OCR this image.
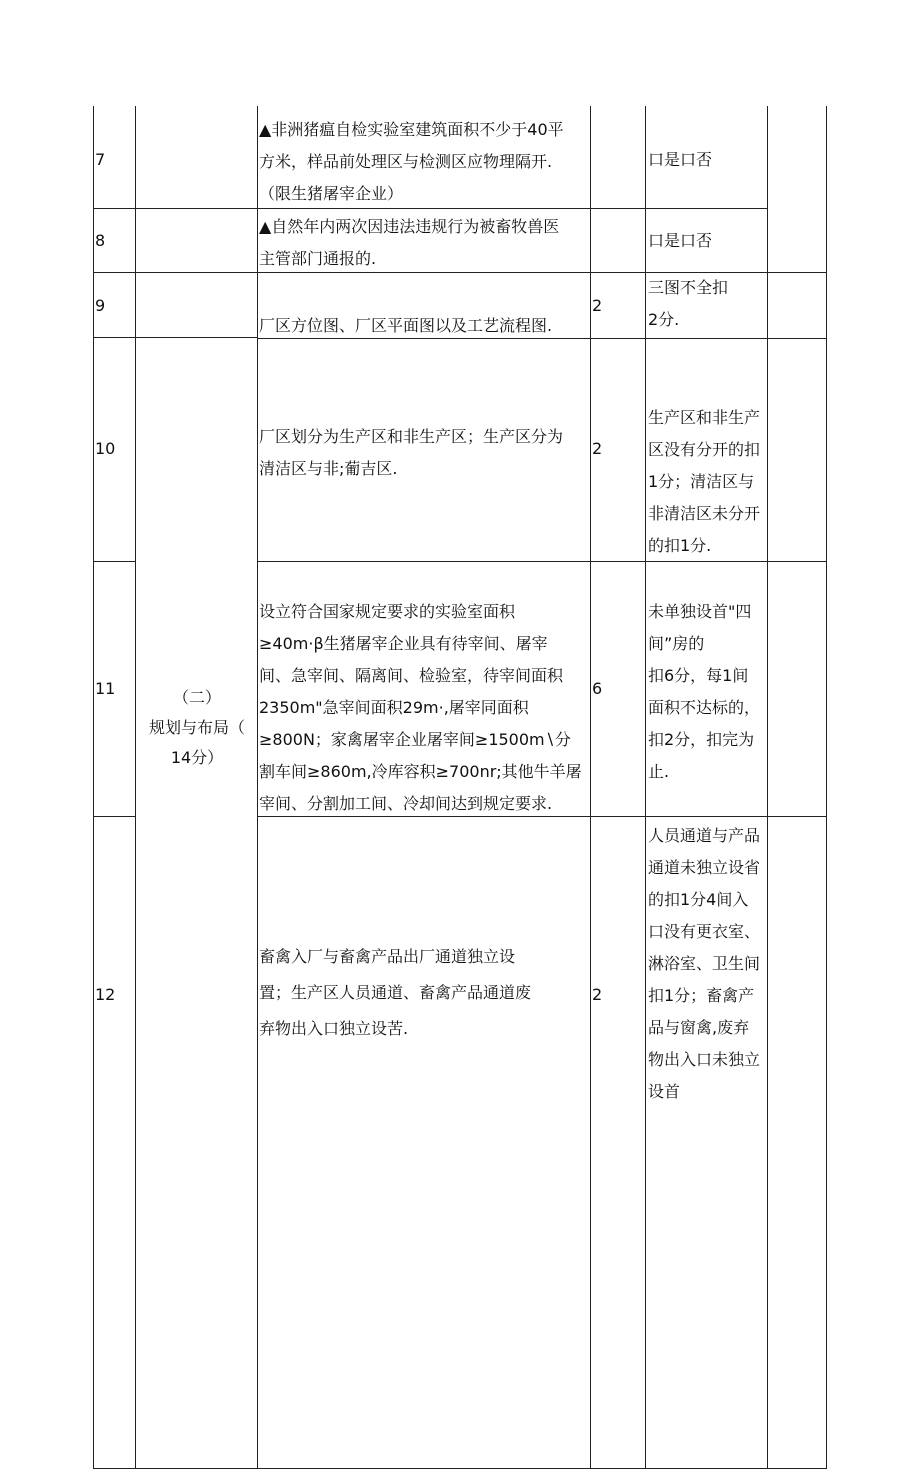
7
▲非洲猪瘟自检实验室建筑面积不少于40平
方米，样品前处理区与检测区应物理隔开.
（限生猪屠宰企业）
口是口否
8
▲自然年内两次因违法违规行为被畜牧兽医
主管部门通报的.
口是口否
9
厂区方位图、厂区平面图以及工艺流程图.
2
三图不全扣
2分.
10
厂区划分为生产区和非生产区；生产区分为
清洁区与非;葡吉区.
2
生产区和非生产
区没有分开的扣
1分；清洁区与
非清洁区未分开
的扣1分.
11
设立符合国家规定要求的实验室面积
≥40m·β生猪屠宰企业具有待宰间、屠宰
间、急宰间、隔离间、检验室，待宰间面积
2350m"急宰间面积29m·,屠宰同面积
≥800N；家禽屠宰企业屠宰间≥1500m∖分
割车间≥860m,冷库容积≥700nr;其他牛羊屠
宰间、分割加工间、冷却间达到规定要求.
6
未单独设首"四
间”房的
扣6分，每1间
面积不达标的，
扣2分，扣完为
止.
（二）
规划与布局（
14分）
12
畜禽入厂与畜禽产品出厂通道独立设
置；生产区人员通道、畜禽产品通道废
弃物出入口独立设苦.
2
人员通道与产品
通道未独立设省
的扣1分4间入
口没有更衣室、
淋浴室、卫生间
扣1分；畜禽产
品与窗禽,废弃
物出入口未独立
设首
